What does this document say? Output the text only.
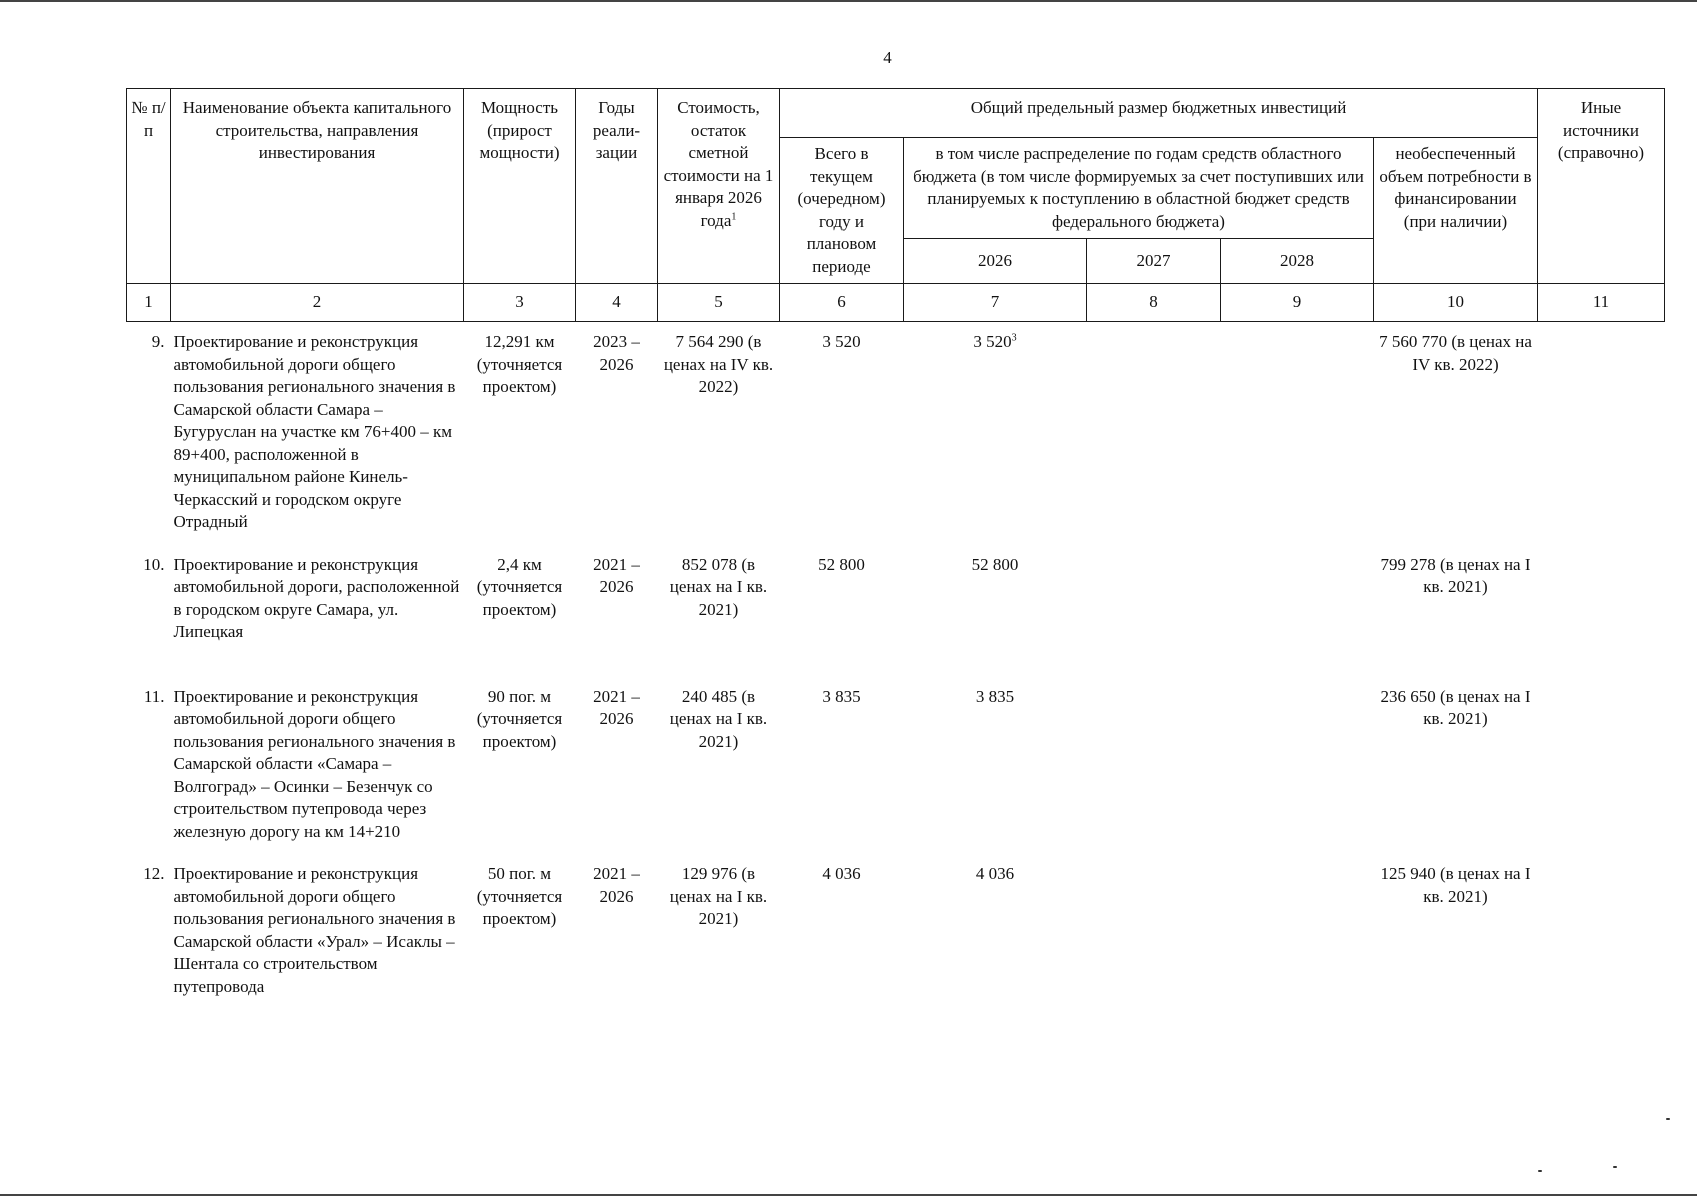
4
№ п/п	Наименование объекта капитального строительства, направления инвестирования	Мощность (прирост мощности)	Годы реали- зации	Стоимость, остаток сметной стоимости на 1 января 2026 года$^1$	Общий предельный размер бюджетных инвестиций					Иные источники (справочно)
					Всего в текущем (очередном) году и плановом периоде	в том числе распределение по годам средств областного бюджета (в том числе формируемых за счет поступивших или планируемых к поступлению в областной бюджет средств федерального бюджета)			необеспеченный объем потребности в финансировании (при наличии)	
						2026	2027	2028		
1	2	3	4	5	6	7	8	9	10	11
9.	Проектирование и реконструкция автомобильной дороги общего пользования регионального значения в Самарской области Самара – Бугуруслан на участке км 76+400 – км 89+400, расположенной в муниципальном районе Кинель-Черкасский и городском округе Отрадный	12,291 км (уточняется проектом)	2023 – 2026	7 564 290 (в ценах на IV кв. 2022)	3 520	3 $520^3$			7 560 770 (в ценах на IV кв. 2022)	
10.	Проектирование и реконструкция автомобильной дороги, расположенной в городском округе Самара, ул. Липецкая	2,4 км (уточняется проектом)	2021 – 2026	852 078 (в ценах на I кв. 2021)	52 800	52 800			799 278 (в ценах на I кв. 2021)	
11.	Проектирование и реконструкция автомобильной дороги общего пользования регионального значения в Самарской области «Самара – Волгоград» – Осинки – Безенчук со строительством путепровода через железную дорогу на км 14+210	90 пог. м (уточняется проектом)	2021 – 2026	240 485 (в ценах на I кв. 2021)	3 835	3 835			236 650 (в ценах на I кв. 2021)	
12.	Проектирование и реконструкция автомобильной дороги общего пользования регионального значения в Самарской области «Урал» – Исаклы – Шентала со строительством путепровода	50 пог. м (уточняется проектом)	2021 – 2026	129 976 (в ценах на I кв. 2021)	4 036	4 036			125 940 (в ценах на I кв. 2021)	
